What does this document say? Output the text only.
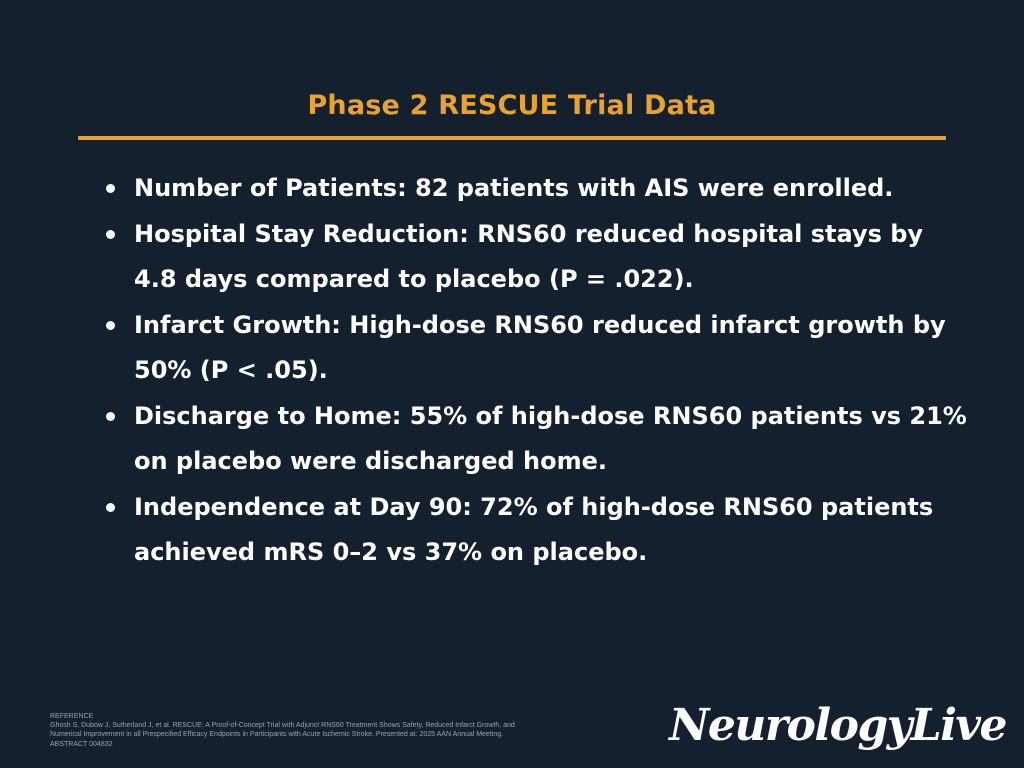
Phase 2 RESCUE Trial Data
Number of Patients: 82 patients with AIS were enrolled.
Hospital Stay Reduction: RNS60 reduced hospital stays by 4.8 days compared to placebo (P = .022).
Infarct Growth: High-dose RNS60 reduced infarct growth by 50% (P < .05).
Discharge to Home: 55% of high-dose RNS60 patients vs 21% on placebo were discharged home.
Independence at Day 90: 72% of high-dose RNS60 patients achieved mRS 0–2 vs 37% on placebo.
REFERENCE
Ghosh S, Dubow J, Sutherland J, et al. RESCUE: A Proof-of-Concept Trial with Adjunct RNS60 Treatment Shows Safety, Reduced Infarct Growth, and
Numerical Improvement in all Prespecified Efficacy Endpoints in Participants with Acute Ischemic Stroke. Presented at: 2025 AAN Annual Meeting.
ABSTRACT 004832	NeurologyLive
